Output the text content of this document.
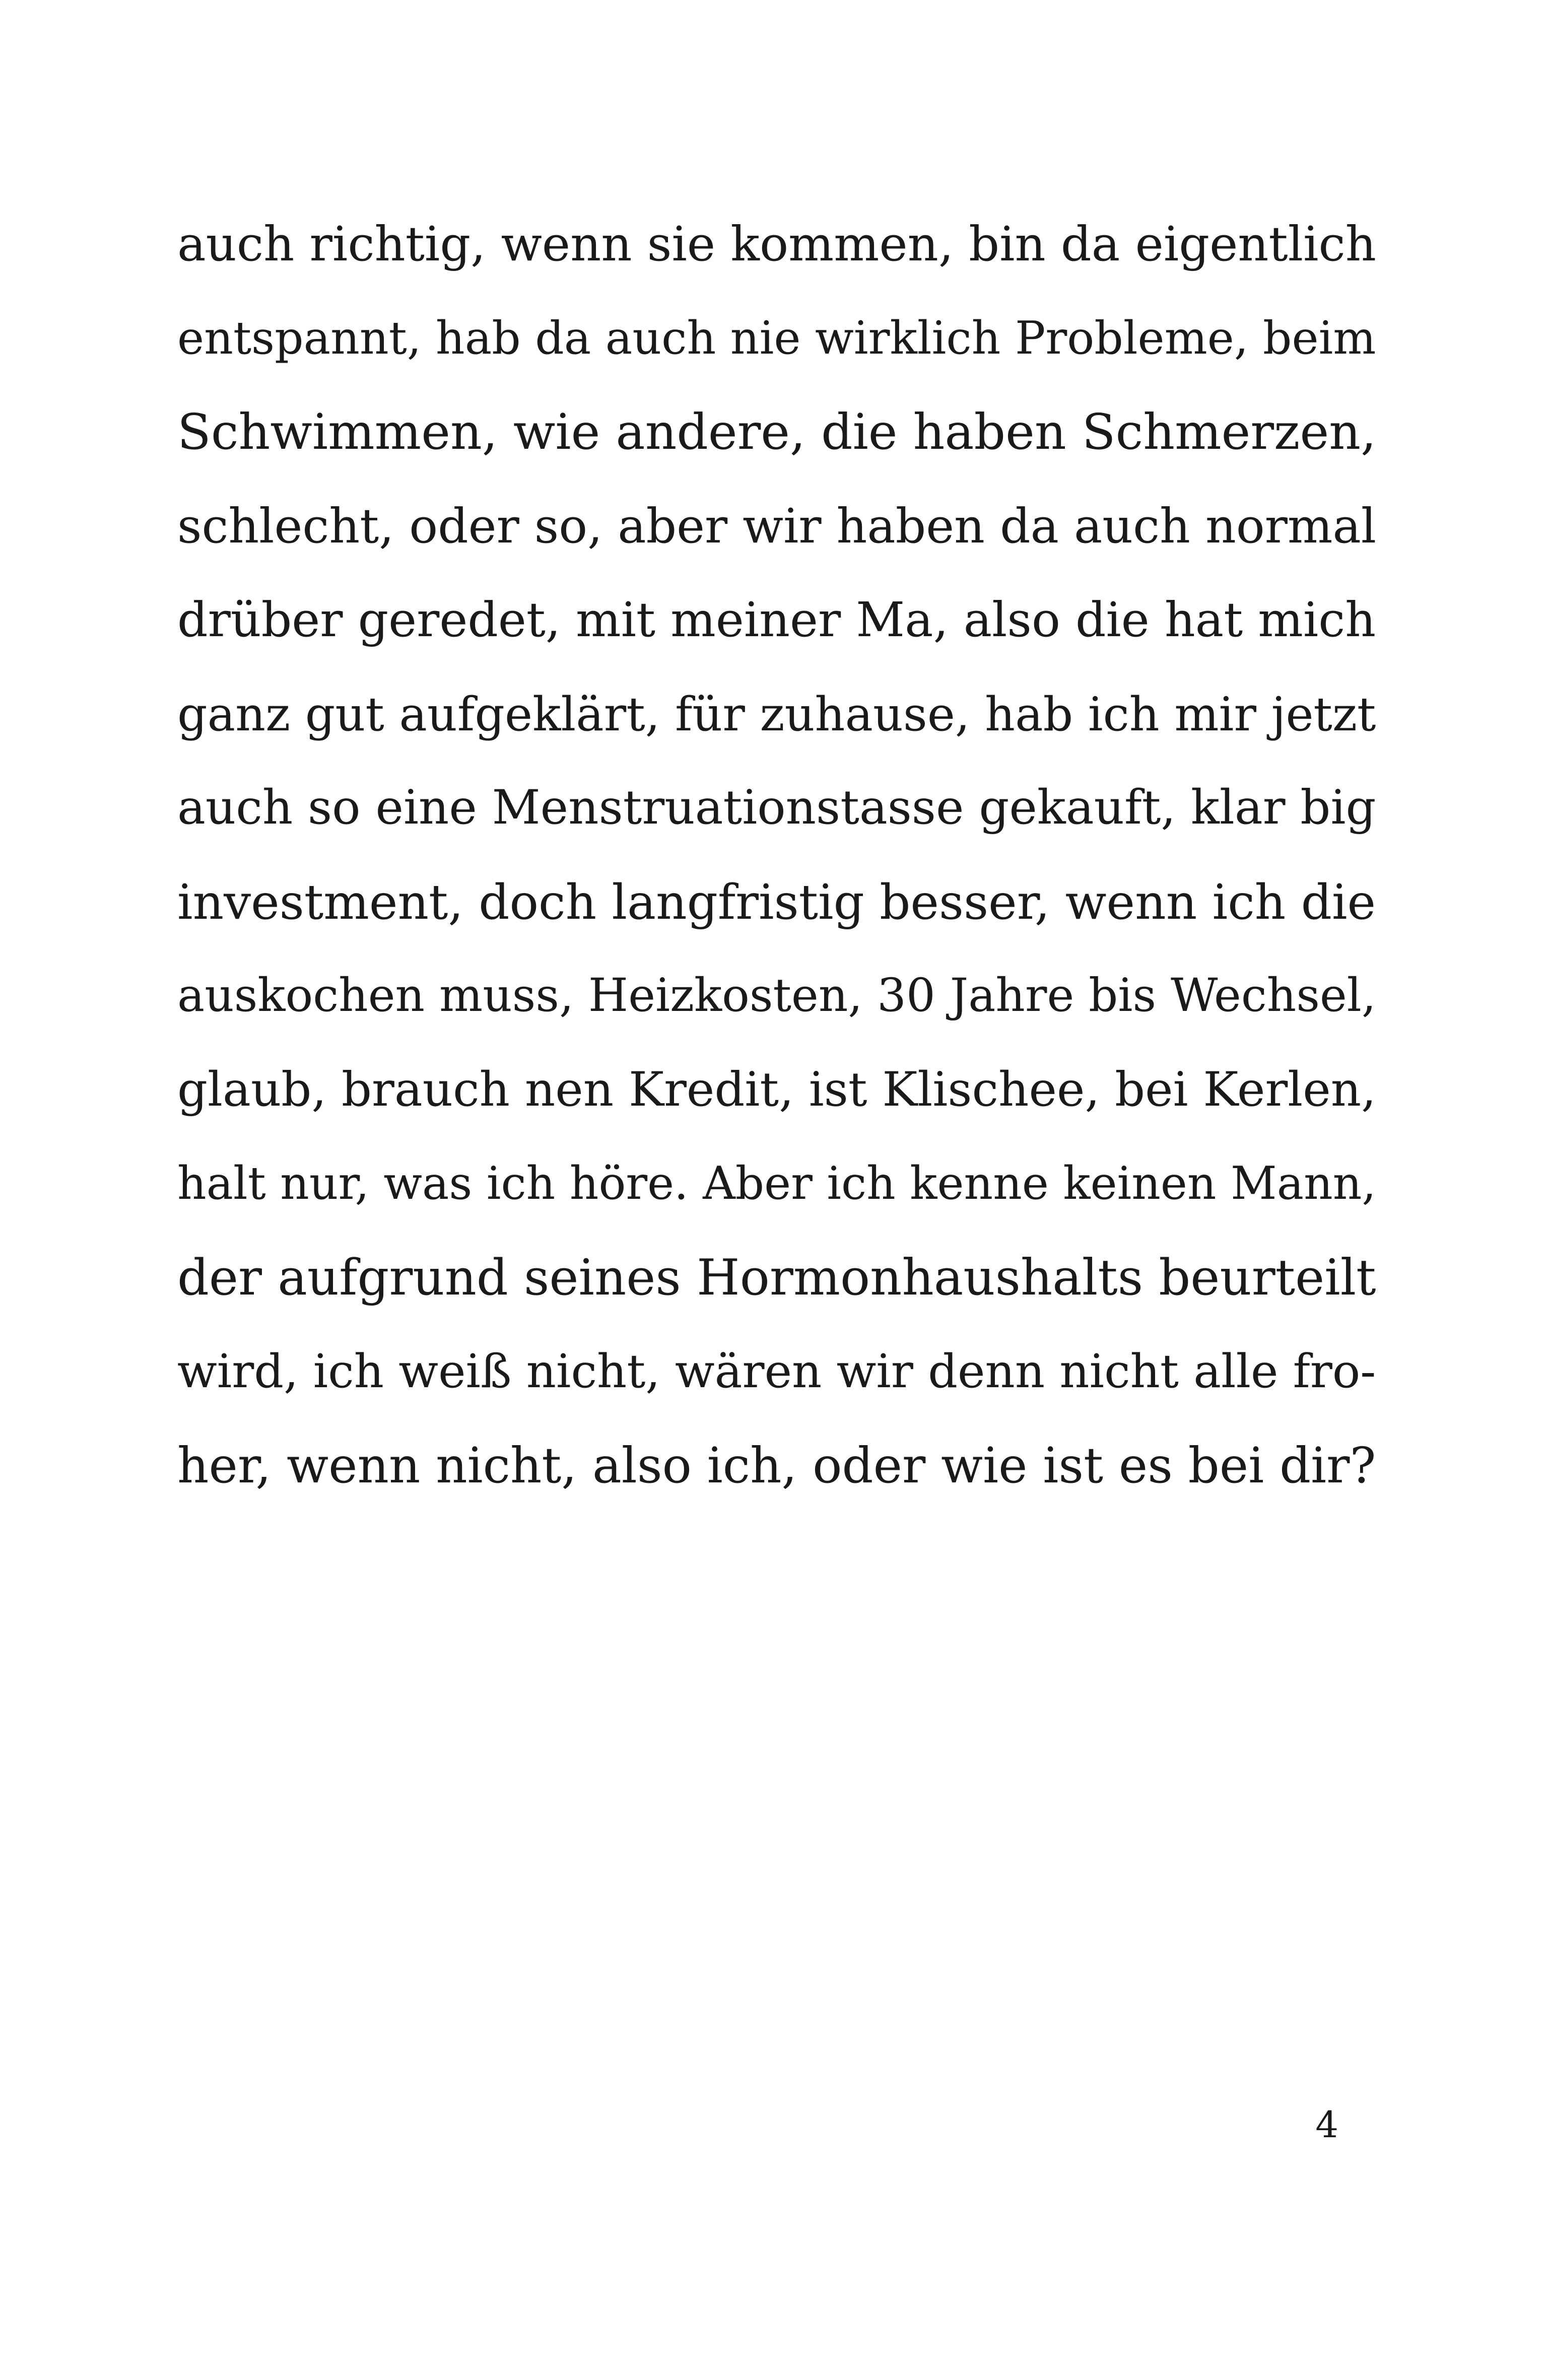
auch richtig, wenn sie kommen, bin da eigentlich
entspannt, hab da auch nie wirklich Probleme, beim
Schwimmen, wie andere, die haben Schmerzen,
schlecht, oder so, aber wir haben da auch normal
drüber geredet, mit meiner Ma, also die hat mich
ganz gut aufgeklärt, für zuhause, hab ich mir jetzt
auch so eine Menstruationstasse gekauft, klar big
investment, doch langfristig besser, wenn ich die
auskochen muss, Heizkosten, 30 Jahre bis Wechsel,
glaub, brauch nen Kredit, ist Klischee, bei Kerlen,
halt nur, was ich höre. Aber ich kenne keinen Mann,
der aufgrund seines Hormonhaushalts beurteilt
wird, ich weiß nicht, wären wir denn nicht alle fro-
her, wenn nicht, also ich, oder wie ist es bei dir?
4
